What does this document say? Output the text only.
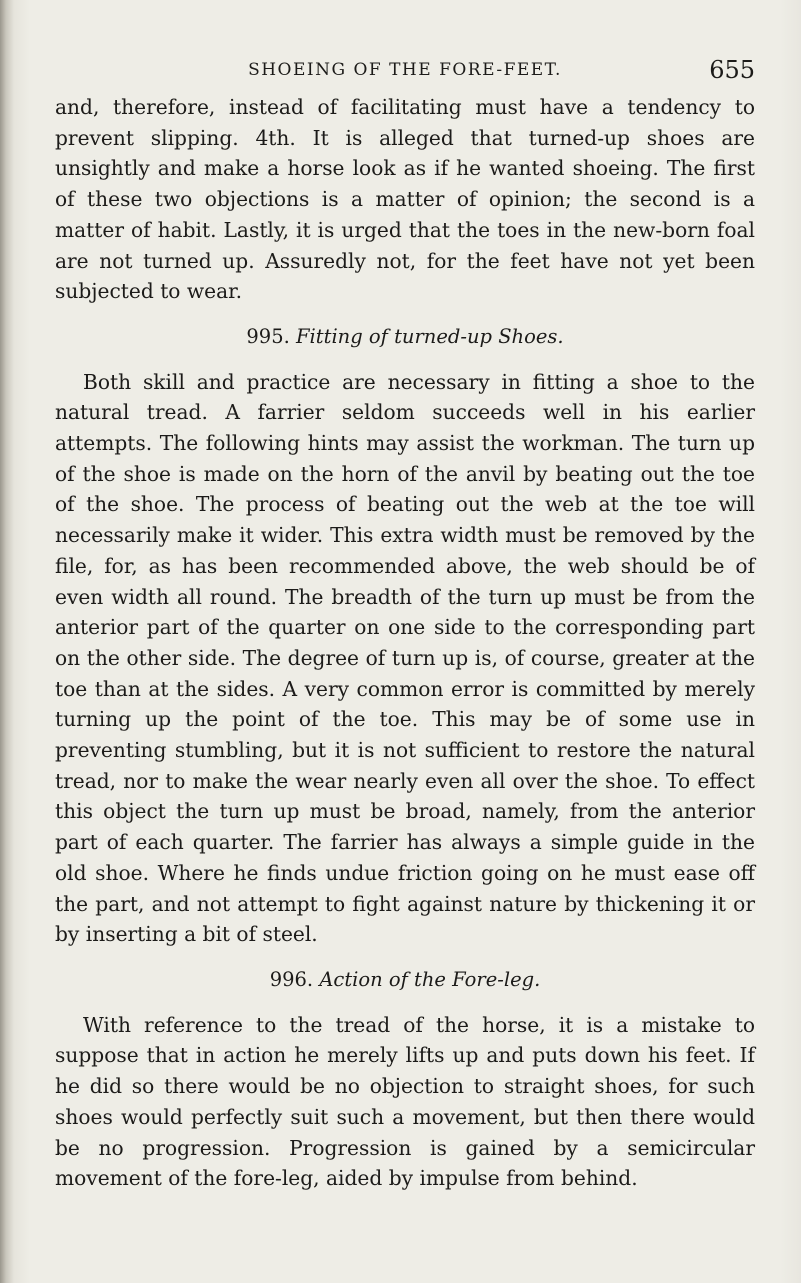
SHOEING OF THE FORE-FEET.	655

and, therefore, instead of facilitating must have a tendency to prevent slipping. 4th. It is alleged that turned-up shoes are unsightly and make a horse look as if he wanted shoeing. The first of these two objections is a matter of opinion; the second is a matter of habit. Lastly, it is urged that the toes in the new-born foal are not turned up. Assuredly not, for the feet have not yet been subjected to wear.

995. Fitting of turned-up Shoes.

Both skill and practice are necessary in fitting a shoe to the natural tread. A farrier seldom succeeds well in his earlier attempts. The following hints may assist the workman. The turn up of the shoe is made on the horn of the anvil by beating out the toe of the shoe. The process of beating out the web at the toe will necessarily make it wider. This extra width must be removed by the file, for, as has been recommended above, the web should be of even width all round. The breadth of the turn up must be from the anterior part of the quarter on one side to the corresponding part on the other side. The degree of turn up is, of course, greater at the toe than at the sides. A very common error is committed by merely turning up the point of the toe. This may be of some use in preventing stumbling, but it is not sufficient to restore the natural tread, nor to make the wear nearly even all over the shoe. To effect this object the turn up must be broad, namely, from the anterior part of each quarter. The farrier has always a simple guide in the old shoe. Where he finds undue friction going on he must ease off the part, and not attempt to fight against nature by thickening it or by inserting a bit of steel.

996. Action of the Fore-leg.

With reference to the tread of the horse, it is a mistake to suppose that in action he merely lifts up and puts down his feet. If he did so there would be no objection to straight shoes, for such shoes would perfectly suit such a movement, but then there would be no progression. Progression is gained by a semicircular movement of the fore-leg, aided by impulse from behind.
